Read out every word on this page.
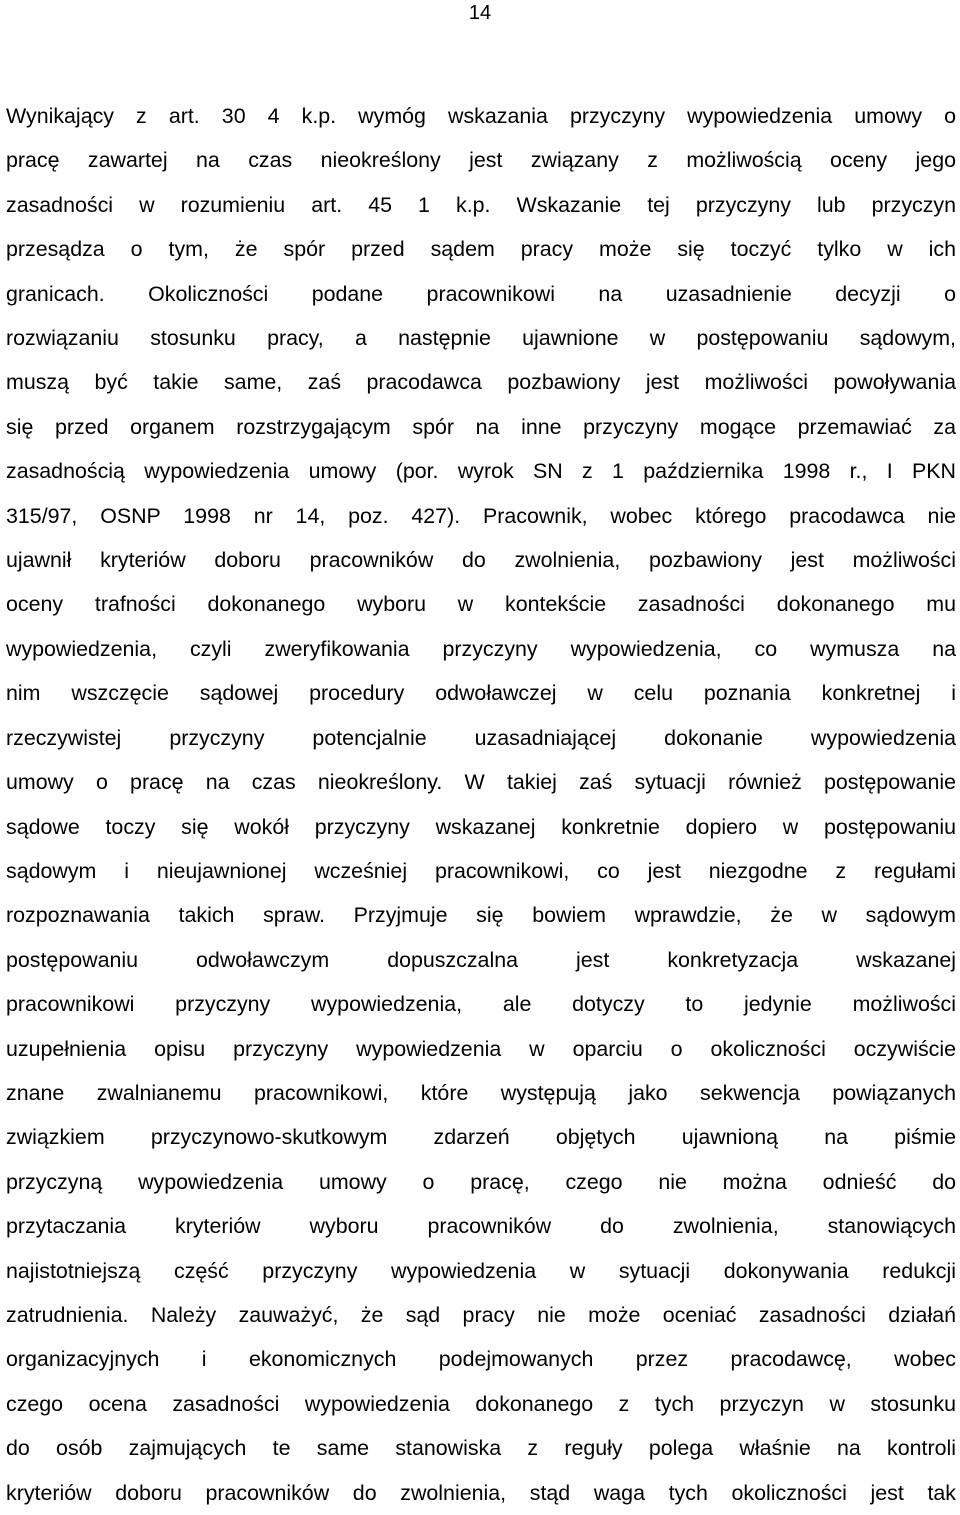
14
Wynikający z art. 30 4 k.p. wymóg wskazania przyczyny wypowiedzenia umowy o
pracę zawartej na czas nieokreślony jest związany z możliwością oceny jego
zasadności w rozumieniu art. 45 1 k.p. Wskazanie tej przyczyny lub przyczyn
przesądza o tym, że spór przed sądem pracy może się toczyć tylko w ich
granicach. Okoliczności podane pracownikowi na uzasadnienie decyzji o
rozwiązaniu stosunku pracy, a następnie ujawnione w postępowaniu sądowym,
muszą być takie same, zaś pracodawca pozbawiony jest możliwości powoływania
się przed organem rozstrzygającym spór na inne przyczyny mogące przemawiać za
zasadnością wypowiedzenia umowy (por. wyrok SN z 1 października 1998 r., I PKN
315/97, OSNP 1998 nr 14, poz. 427). Pracownik, wobec którego pracodawca nie
ujawnił kryteriów doboru pracowników do zwolnienia, pozbawiony jest możliwości
oceny trafności dokonanego wyboru w kontekście zasadności dokonanego mu
wypowiedzenia, czyli zweryfikowania przyczyny wypowiedzenia, co wymusza na
nim wszczęcie sądowej procedury odwoławczej w celu poznania konkretnej i
rzeczywistej przyczyny potencjalnie uzasadniającej dokonanie wypowiedzenia
umowy o pracę na czas nieokreślony. W takiej zaś sytuacji również postępowanie
sądowe toczy się wokół przyczyny wskazanej konkretnie dopiero w postępowaniu
sądowym i nieujawnionej wcześniej pracownikowi, co jest niezgodne z regułami
rozpoznawania takich spraw. Przyjmuje się bowiem wprawdzie, że w sądowym
postępowaniu odwoławczym dopuszczalna jest konkretyzacja wskazanej
pracownikowi przyczyny wypowiedzenia, ale dotyczy to jedynie możliwości
uzupełnienia opisu przyczyny wypowiedzenia w oparciu o okoliczności oczywiście
znane zwalnianemu pracownikowi, które występują jako sekwencja powiązanych
związkiem przyczynowo-skutkowym zdarzeń objętych ujawnioną na piśmie
przyczyną wypowiedzenia umowy o pracę, czego nie można odnieść do
przytaczania kryteriów wyboru pracowników do zwolnienia, stanowiących
najistotniejszą część przyczyny wypowiedzenia w sytuacji dokonywania redukcji
zatrudnienia. Należy zauważyć, że sąd pracy nie może oceniać zasadności działań
organizacyjnych i ekonomicznych podejmowanych przez pracodawcę, wobec
czego ocena zasadności wypowiedzenia dokonanego z tych przyczyn w stosunku
do osób zajmujących te same stanowiska z reguły polega właśnie na kontroli
kryteriów doboru pracowników do zwolnienia, stąd waga tych okoliczności jest tak
